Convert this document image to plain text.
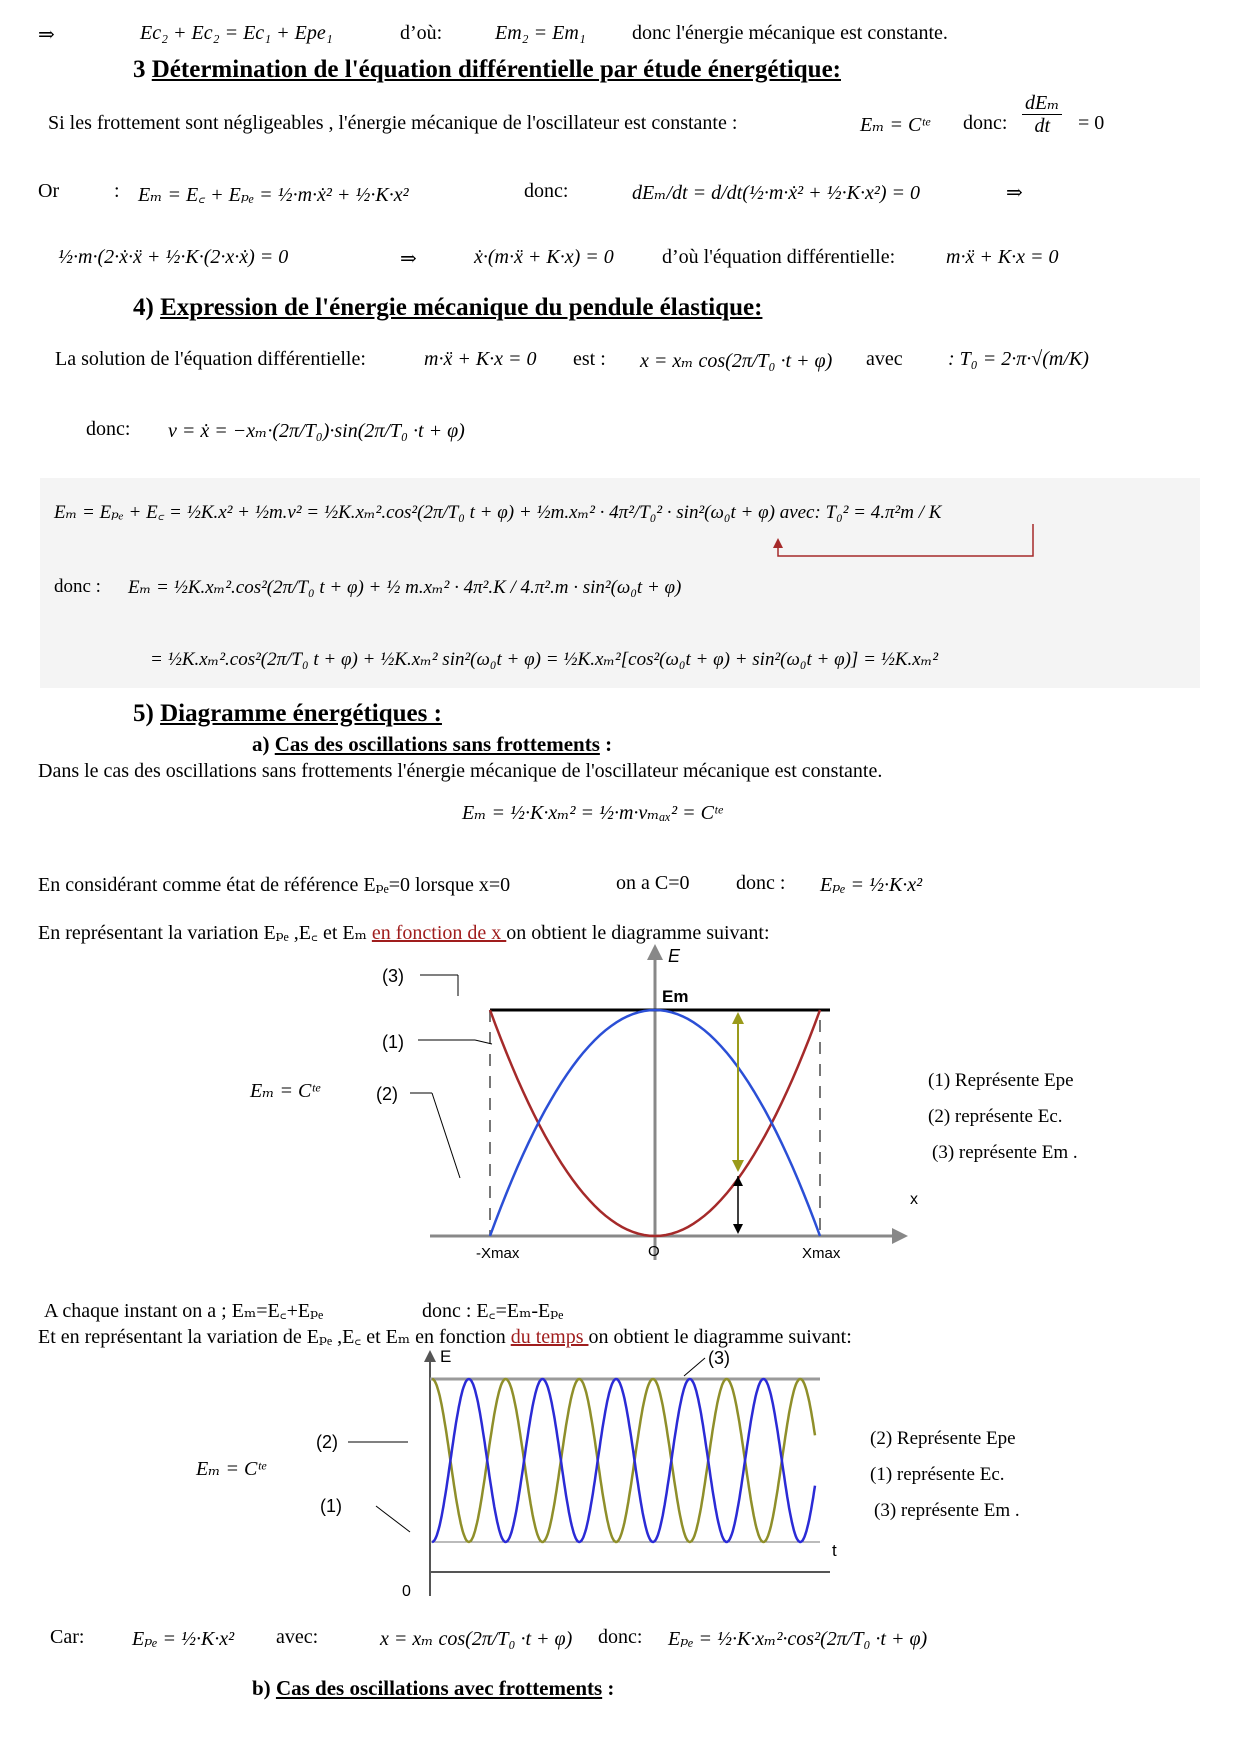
⇒	Ec₂ + Ec₂ = Ec₁ + Epe₁	d’où:	Em₂ = Em₁ donc l'énergie mécanique est constante.
3 Détermination de l'équation différentielle par étude énergétique:
Si les frottement sont négligeables , l'énergie mécanique de l'oscillateur est constante :	Eₘ = Cᵗᵉ donc: $\frac{\text{dEₘ}}{dt} = 0$
Or	: Eₘ = E꜀ + Eₚₑ = ½·m·ẋ² + ½·K·x²	donc:	dEₘ/dt = d/dt(½·m·ẋ² + ½·K·x²) = 0	⇒
½·m·(2·ẋ·ẍ + ½·K·(2·x·ẋ) = 0	⇒	ẋ·(m·ẍ + K·x) = 0 d’où l'équation différentielle:	m·ẍ + K·x = 0
4) Expression de l'énergie mécanique du pendule élastique:
La solution de l'équation différentielle:	m·ẍ + K·x = 0 est : x = xₘ cos(2π/T₀ ·t + φ) avec : T₀ = 2·π·√(m/K)
donc: v = ẋ = −xₘ·(2π/T₀)·sin(2π/T₀ ·t + φ)
Eₘ = Eₚₑ + E꜀ = ½K.x² + ½m.v² = ½K.xₘ².cos²(2π/T₀ t + φ) + ½m.xₘ² · 4π²/T₀² · sin²(ω₀t + φ) avec: T₀² = 4.π²m / K
donc : Eₘ = ½K.xₘ².cos²(2π/T₀ t + φ) + ½ m.xₘ² · 4π².K / 4.π².m · sin²(ω₀t + φ)
= ½K.xₘ².cos²(2π/T₀ t + φ) + ½K.xₘ² sin²(ω₀t + φ) = ½K.xₘ²[cos²(ω₀t + φ) + sin²(ω₀t + φ)] = ½K.xₘ²
5) Diagramme énergétiques :
a) Cas des oscillations sans frottements :
Dans le cas des oscillations sans frottements l'énergie mécanique de l'oscillateur mécanique est constante.
Eₘ = ½·K·xₘ² = ½·m·vₘₐₓ² = Cᵗᵉ
En considérant comme état de référence Eₚₑ=0 lorsque x=0	on a C=0 donc : Eₚₑ = ½·K·x²
En représentant la variation Eₚₑ ,E꜀ et Eₘ en fonction de x on obtient le diagramme suivant:
(3)
(1)
(2)
E
Em
x
-Xmax	O	Xmax
Eₘ = Cᵗᵉ	(1) Représente Epe
(2) représente Ec.
(3) représente Em .
A chaque instant on a ; Eₘ=E꜀+Eₚₑ	donc : E꜀=Eₘ-Eₚₑ
Et en représentant la variation de Eₚₑ ,E꜀ et Eₘ en fonction du temps on obtient le diagramme suivant:
E
t
0
(2)
(1)
(3)
Eₘ = Cᵗᵉ
(2) Représente Epe
(1) représente Ec.
(3) représente Em .
Car: Eₚₑ = ½·K·x² avec:	x = xₘ cos(2π/T₀ ·t + φ) donc: Eₚₑ = ½·K·xₘ²·cos²(2π/T₀ ·t + φ)
b) Cas des oscillations avec frottements :
